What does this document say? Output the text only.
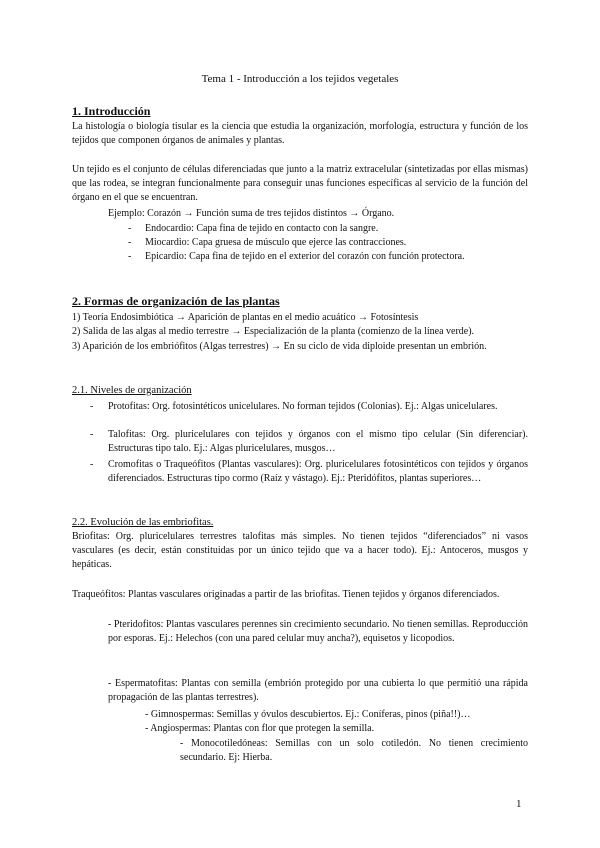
Tema 1 - Introducción a los tejidos vegetales
1. Introducción
La histología o biología tisular es la ciencia que estudia la organización, morfología, estructura y función de los tejidos que componen órganos de animales y plantas.
Un tejido es el conjunto de células diferenciadas que junto a la matriz extracelular (sintetizadas por ellas mismas) que las rodea, se integran funcionalmente para conseguir unas funciones específicas al servicio de la función del órgano en el que se encuentran.
Ejemplo: Corazón → Función suma de tres tejidos distintos → Órgano.
-	Endocardio: Capa fina de tejido en contacto con la sangre.
-	Miocardio: Capa gruesa de músculo que ejerce las contracciones.
-	Epicardio: Capa fina de tejido en el exterior del corazón con función protectora.
2. Formas de organización de las plantas
1) Teoría Endosimbiótica → Aparición de plantas en el medio acuático → Fotosíntesis
2) Salida de las algas al medio terrestre → Especialización de la planta (comienzo de la línea verde).
3) Aparición de los embriófitos (Algas terrestres) → En su ciclo de vida diploide presentan un embrión.
2.1. Niveles de organización
-	Protofitas: Org. fotosintéticos unicelulares. No forman tejidos (Colonias). Ej.: Algas unicelulares.
-	Talofitas: Org. pluricelulares con tejidos y órganos con el mismo tipo celular (Sin diferenciar). Estructuras tipo talo. Ej.: Algas pluricelulares, musgos…
-	Cromofitas o Traqueófitos (Plantas vasculares): Org. pluricelulares fotosintéticos con tejidos y órganos diferenciados. Estructuras tipo cormo (Raíz y vástago). Ej.: Pteridófitos, plantas superiores…
2.2. Evolución de las embriofitas.
Briofitas: Org. pluricelulares terrestres talofitas más simples. No tienen tejidos “diferenciados” ni vasos vasculares (es decir, están constituidas por un único tejido que va a hacer todo). Ej.: Antoceros, musgos y hepáticas.
Traqueófitos: Plantas vasculares originadas a partir de las briofitas. Tienen tejidos y órganos diferenciados.
- Pteridofitos: Plantas vasculares perennes sin crecimiento secundario. No tienen semillas. Reproducción por esporas. Ej.: Helechos (con una pared celular muy ancha?), equisetos y licopodios.
- Espermatofitas: Plantas con semilla (embrión protegido por una cubierta lo que permitió una rápida propagación de las plantas terrestres).
- Gimnospermas: Semillas y óvulos descubiertos. Ej.: Coníferas, pinos (piña!!)…
- Angiospermas: Plantas con flor que protegen la semilla.
- Monocotiledóneas: Semillas con un solo cotiledón. No tienen crecimiento secundario. Ej: Hierba.
1
